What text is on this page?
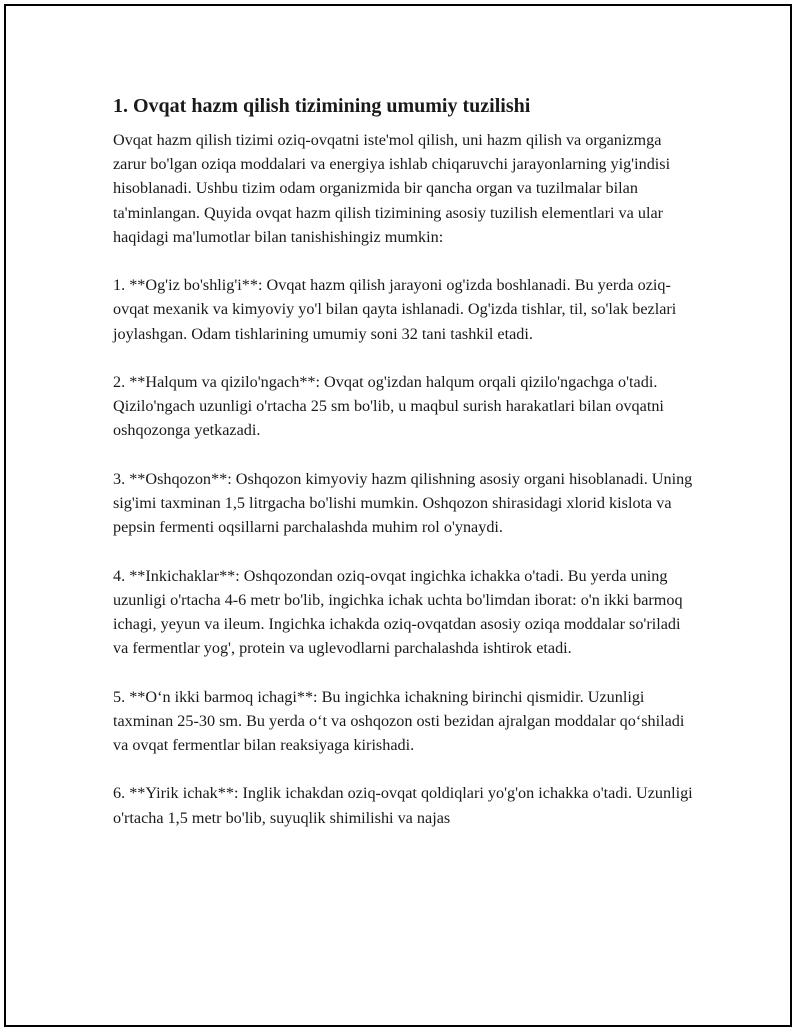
1. Ovqat hazm qilish tizimining umumiy tuzilishi

Ovqat hazm qilish tizimi oziq-ovqatni iste'mol qilish, uni hazm qilish va organizmga zarur bo'lgan oziqa moddalari va energiya ishlab chiqaruvchi jarayonlarning yig'indisi hisoblanadi. Ushbu tizim odam organizmida bir qancha organ va tuzilmalar bilan ta'minlangan. Quyida ovqat hazm qilish tizimining asosiy tuzilish elementlari va ular haqidagi ma'lumotlar bilan tanishishingiz mumkin:

1. **Og'iz bo'shlig'i**: Ovqat hazm qilish jarayoni og'izda boshlanadi. Bu yerda oziq-ovqat mexanik va kimyoviy yo'l bilan qayta ishlanadi. Og'izda tishlar, til, so'lak bezlari joylashgan. Odam tishlarining umumiy soni 32 tani tashkil etadi.

2. **Halqum va qizilo'ngach**: Ovqat og'izdan halqum orqali qizilo'ngachga o'tadi. Qizilo'ngach uzunligi o'rtacha 25 sm bo'lib, u maqbul surish harakatlari bilan ovqatni oshqozonga yetkazadi.

3. **Oshqozon**: Oshqozon kimyoviy hazm qilishning asosiy organi hisoblanadi. Uning sig'imi taxminan 1,5 litrgacha bo'lishi mumkin. Oshqozon shirasidagi xlorid kislota va pepsin fermenti oqsillarni parchalashda muhim rol o'ynaydi.

4. **Inkichaklar**: Oshqozondan oziq-ovqat ingichka ichakka o'tadi. Bu yerda uning uzunligi o'rtacha 4-6 metr bo'lib, ingichka ichak uchta bo'limdan iborat: o'n ikki barmoq ichagi, yeyun va ileum. Ingichka ichakda oziq-ovqatdan asosiy oziqa moddalar so'riladi va fermentlar yog', protein va uglevodlarni parchalashda ishtirok etadi.

5. **O‘n ikki barmoq ichagi**: Bu ingichka ichakning birinchi qismidir. Uzunligi taxminan 25-30 sm. Bu yerda o‘t va oshqozon osti bezidan ajralgan moddalar qo‘shiladi va ovqat fermentlar bilan reaksiyaga kirishadi.

6. **Yirik ichak**: Inglik ichakdan oziq-ovqat qoldiqlari yo'g'on ichakka o'tadi. Uzunligi o'rtacha 1,5 metr bo'lib, suyuqlik shimilishi va najas
